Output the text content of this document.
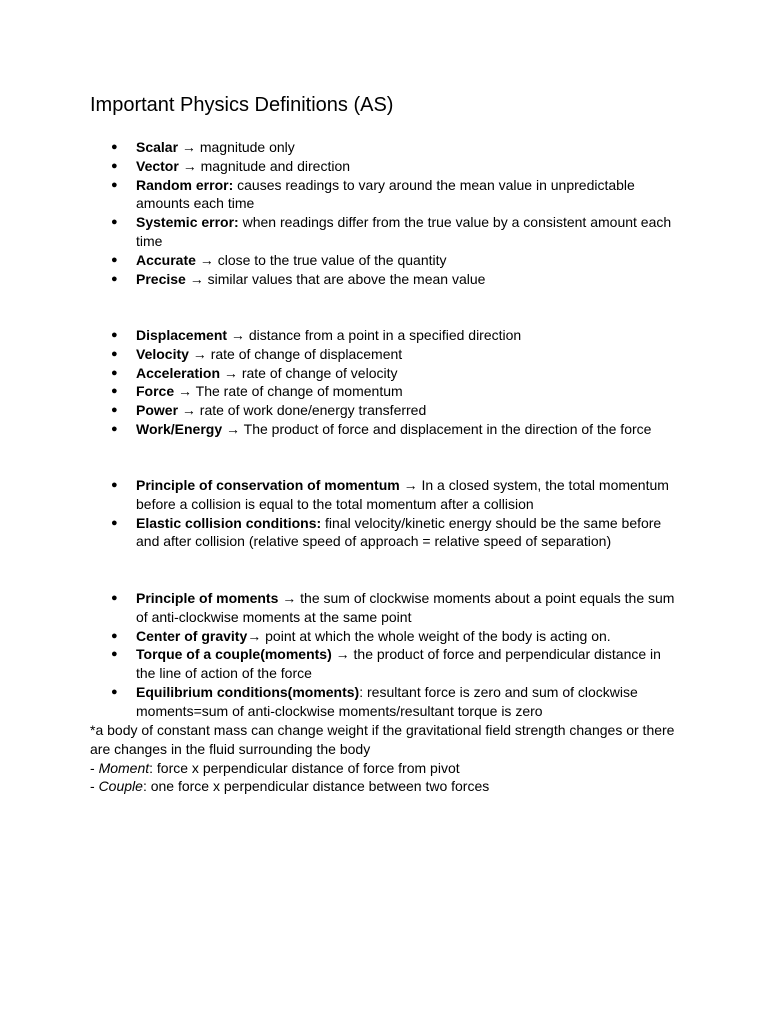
Important Physics Definitions (AS)
● Scalar → magnitude only
● Vector → magnitude and direction
● Random error: causes readings to vary around the mean value in unpredictable amounts each time
● Systemic error: when readings differ from the true value by a consistent amount each time
● Accurate → close to the true value of the quantity
● Precise → similar values that are above the mean value
● Displacement → distance from a point in a specified direction
● Velocity → rate of change of displacement
● Acceleration → rate of change of velocity
● Force → The rate of change of momentum
● Power → rate of work done/energy transferred
● Work/Energy → The product of force and displacement in the direction of the force
● Principle of conservation of momentum → In a closed system, the total momentum before a collision is equal to the total momentum after a collision
● Elastic collision conditions: final velocity/kinetic energy should be the same before and after collision (relative speed of approach = relative speed of separation)
● Principle of moments → the sum of clockwise moments about a point equals the sum of anti-clockwise moments at the same point
● Center of gravity→ point at which the whole weight of the body is acting on.
● Torque of a couple(moments) → the product of force and perpendicular distance in the line of action of the force
● Equilibrium conditions(moments): resultant force is zero and sum of clockwise moments=sum of anti-clockwise moments/resultant torque is zero

*a body of constant mass can change weight if the gravitational field strength changes or there are changes in the fluid surrounding the body

- Moment: force x perpendicular distance of force from pivot

- Couple: one force x perpendicular distance between two forces
